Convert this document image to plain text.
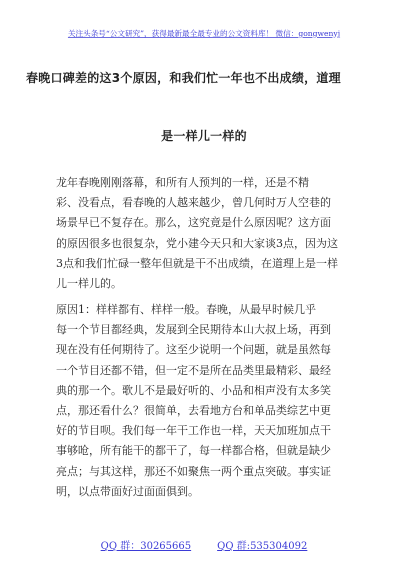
关注头条号“公文研究”，获得最新最全最专业的公文资料库！ 微信：gongwenyj
春晚口碑差的这3个原因，和我们忙一年也不出成绩，道理
是一样儿一样的
龙年春晚刚刚落幕，和所有人预判的一样，还是不精
彩、没看点，看春晚的人越来越少，曾几何时万人空巷的
场景早已不复存在。那么，这究竟是什么原因呢？这方面
的原因很多也很复杂，党小建今天只和大家谈3点，因为这
3点和我们忙碌一整年但就是干不出成绩，在道理上是一样
儿一样儿的。
原因1：样样都有、样样一般。春晚，从最早时候几乎
每一个节目都经典，发展到全民期待本山大叔上场，再到
现在没有任何期待了。这至少说明一个问题，就是虽然每
一个节目还都不错，但一定不是所在品类里最精彩、最经
典的那一个。歌儿不是最好听的、小品和相声没有太多笑
点，那还看什么？很简单，去看地方台和单品类综艺中更
好的节目呗。我们每一年干工作也一样，天天加班加点干
事够呛，所有能干的都干了，每一样都合格，但就是缺少
亮点；与其这样，那还不如聚焦一两个重点突破。事实证
明，以点带面好过面面俱到。
QQ 群：30265665	QQ 群:535304092
